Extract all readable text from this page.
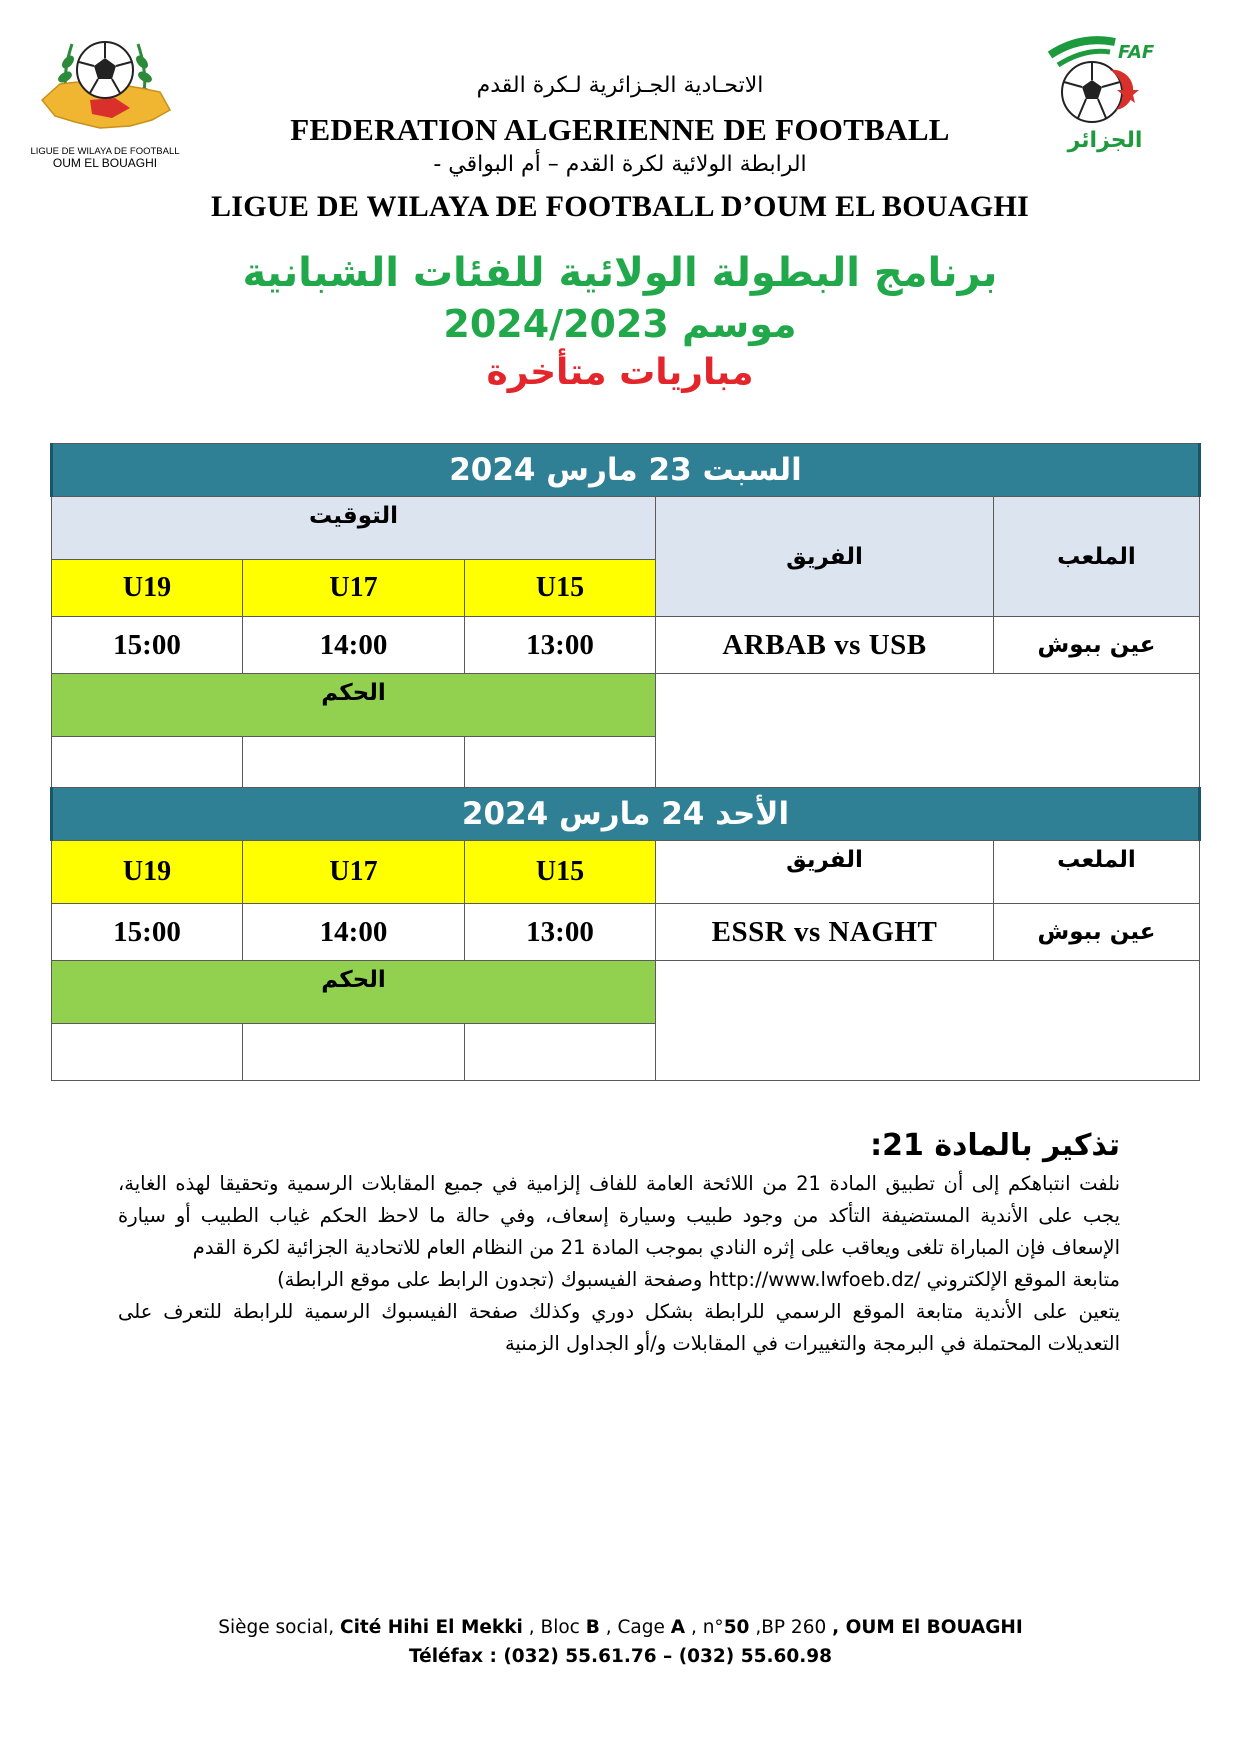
LIGUE DE WILAYA DE FOOTBALL
OUM EL BOUAGHI
FAF
الجزائر
الاتحـادية الجـزائرية لـكرة القدم
FEDERATION ALGERIENNE DE FOOTBALL
الرابطة الولائية لكرة القدم – أم البواقي -
LIGUE DE WILAYA DE FOOTBALL D’OUM EL BOUAGHI
برنامج البطولة الولائية للفئات الشبانية
موسم 2024/2023
مباريات متأخرة
السبت 23 مارس 2024				
التوقيت			الفريق	الملعب
U19	U17	U15		
15:00	14:00	13:00	ARBAB vs USB	عين ببوش
الحكم				

الأحد 24 مارس 2024				
U19	U17	U15	الفريق	الملعب
15:00	14:00	13:00	ESSR vs NAGHT	عين ببوش
الحكم				

تذكير بالمادة 21:

نلفت انتباهكم إلى أن تطبيق المادة 21 من اللائحة العامة للفاف إلزامية في جميع المقابلات الرسمية وتحقيقا لهذه الغاية، يجب على الأندية المستضيفة التأكد من وجود طبيب وسيارة إسعاف، وفي حالة ما لاحظ الحكم غياب الطبيب أو سيارة الإسعاف فإن المباراة تلغى ويعاقب على إثره النادي بموجب المادة 21 من النظام العام للاتحادية الجزائية لكرة القدم

متابعة الموقع الإلكتروني /http://www.lwfoeb.dz وصفحة الفيسبوك (تجدون الرابط على موقع الرابطة)

يتعين على الأندية متابعة الموقع الرسمي للرابطة بشكل دوري وكذلك صفحة الفيسبوك الرسمية للرابطة للتعرف على التعديلات المحتملة في البرمجة والتغييرات في المقابلات و/أو الجداول الزمنية

Siège social, Cité Hihi El Mekki , Bloc B , Cage A , n°50 ,BP 260 , OUM El BOUAGHI
Téléfax : (032) 55.61.76 – (032) 55.60.98
